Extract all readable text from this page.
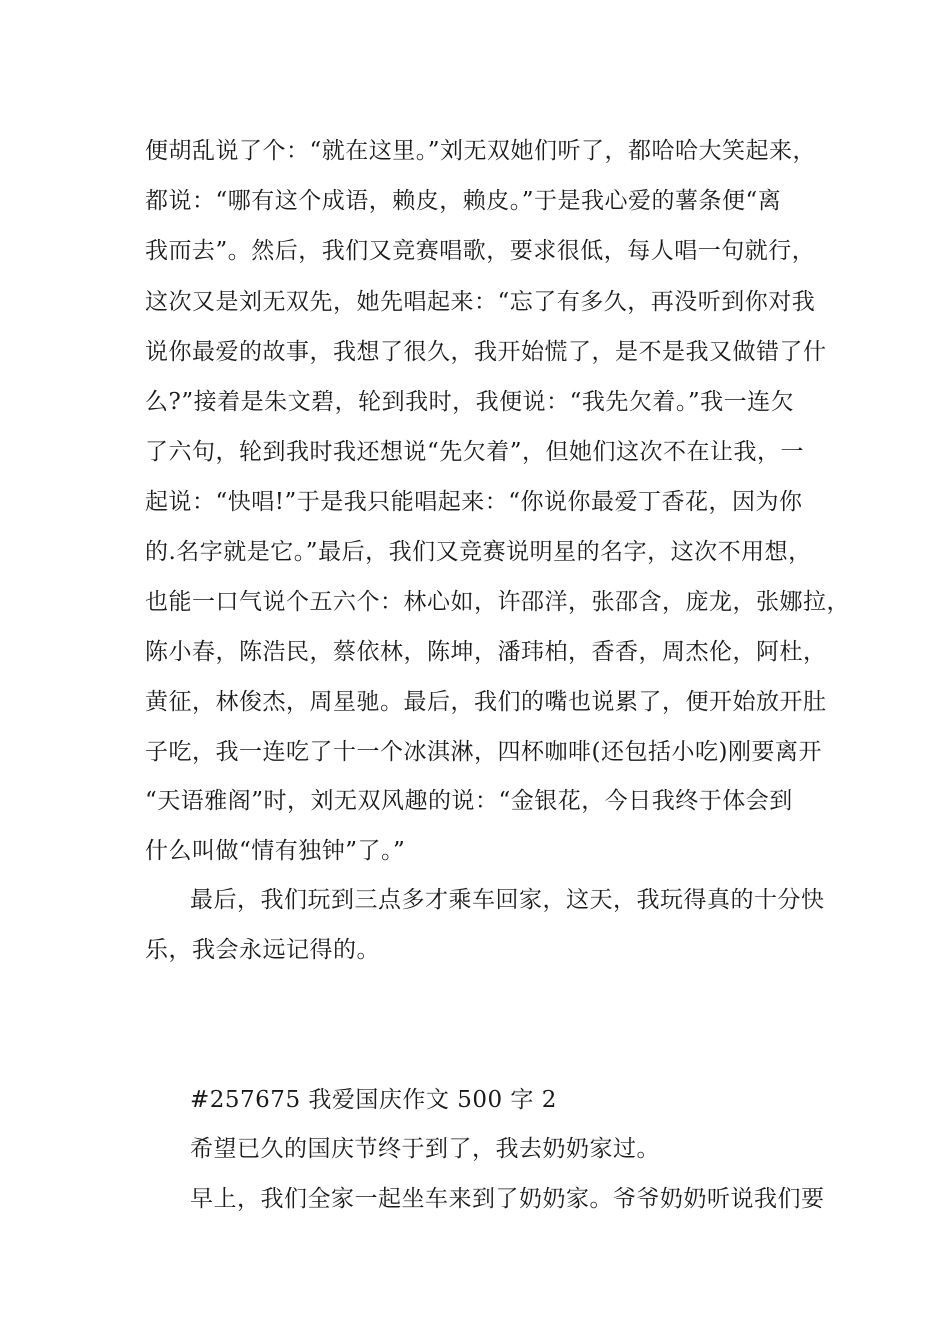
便胡乱说了个：“就在这里。”刘无双她们听了，都哈哈大笑起来，
都说：“哪有这个成语，赖皮，赖皮。”于是我心爱的薯条便“离
我而去”。然后，我们又竞赛唱歌，要求很低，每人唱一句就行，
这次又是刘无双先，她先唱起来：“忘了有多久，再没听到你对我
说你最爱的故事，我想了很久，我开始慌了，是不是我又做错了什
么?”接着是朱文碧，轮到我时，我便说：“我先欠着。”我一连欠
了六句，轮到我时我还想说“先欠着”，但她们这次不在让我，一
起说：“快唱!”于是我只能唱起来：“你说你最爱丁香花，因为你
的.名字就是它。”最后，我们又竞赛说明星的名字，这次不用想，
也能一口气说个五六个：林心如，许邵洋，张邵含，庞龙，张娜拉，
陈小春，陈浩民，蔡依林，陈坤，潘玮柏，香香，周杰伦，阿杜，
黄征，林俊杰，周星驰。最后，我们的嘴也说累了，便开始放开肚
子吃，我一连吃了十一个冰淇淋，四杯咖啡(还包括小吃)刚要离开
“天语雅阁”时，刘无双风趣的说：“金银花，今日我终于体会到
什么叫做“情有独钟”了。”
最后，我们玩到三点多才乘车回家，这天，我玩得真的十分快
乐，我会永远记得的。
#257675 我爱国庆作文 500 字 2
希望已久的国庆节终于到了，我去奶奶家过。
早上，我们全家一起坐车来到了奶奶家。爷爷奶奶听说我们要
